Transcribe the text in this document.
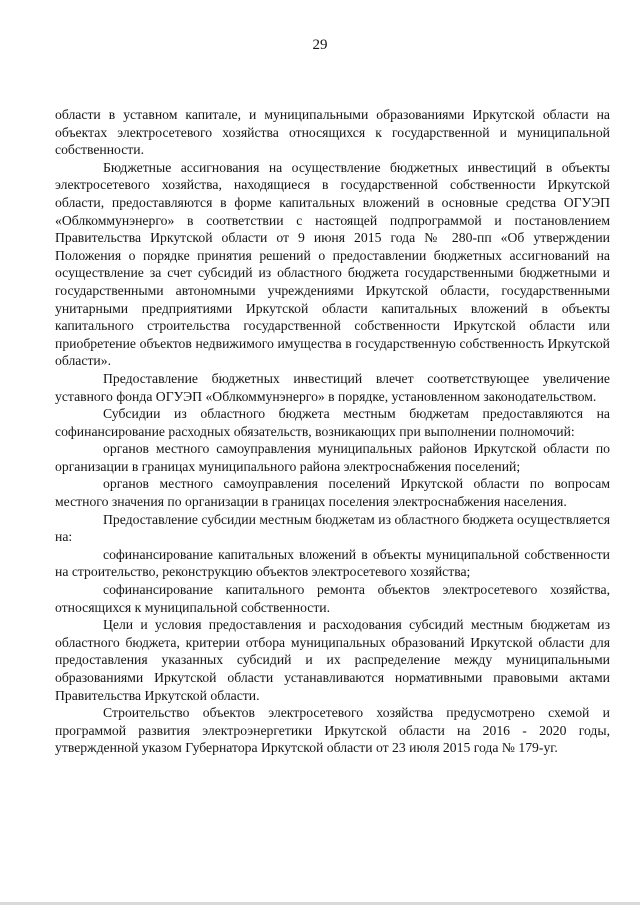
29

области в уставном капитале, и муниципальными образованиями Иркутской области на объектах электросетевого хозяйства относящихся к государственной и муниципальной собственности.

Бюджетные ассигнования на осуществление бюджетных инвестиций в объекты электросетевого хозяйства, находящиеся в государственной собственности Иркутской области, предоставляются в форме капитальных вложений в основные средства ОГУЭП «Облкоммунэнерго» в соответствии с настоящей подпрограммой и постановлением Правительства Иркутской области от 9 июня 2015 года № 280-пп «Об утверждении Положения о порядке принятия решений о предоставлении бюджетных ассигнований на осуществление за счет субсидий из областного бюджета государственными бюджетными и государственными автономными учреждениями Иркутской области, государственными унитарными предприятиями Иркутской области капитальных вложений в объекты капитального строительства государственной собственности Иркутской области или приобретение объектов недвижимого имущества в государственную собственность Иркутской области».

Предоставление бюджетных инвестиций влечет соответствующее увеличение уставного фонда ОГУЭП «Облкоммунэнерго» в порядке, установленном законодательством.

Субсидии из областного бюджета местным бюджетам предоставляются на софинансирование расходных обязательств, возникающих при выполнении полномочий:

органов местного самоуправления муниципальных районов Иркутской области по организации в границах муниципального района электроснабжения поселений;

органов местного самоуправления поселений Иркутской области по вопросам местного значения по организации в границах поселения электроснабжения населения.

Предоставление субсидии местным бюджетам из областного бюджета осуществляется на:

софинансирование капитальных вложений в объекты муниципальной собственности на строительство, реконструкцию объектов электросетевого хозяйства;

софинансирование капитального ремонта объектов электросетевого хозяйства, относящихся к муниципальной собственности.

Цели и условия предоставления и расходования субсидий местным бюджетам из областного бюджета, критерии отбора муниципальных образований Иркутской области для предоставления указанных субсидий и их распределение между муниципальными образованиями Иркутской области устанавливаются нормативными правовыми актами Правительства Иркутской области.

Строительство объектов электросетевого хозяйства предусмотрено схемой и программой развития электроэнергетики Иркутской области на 2016 - 2020 годы, утвержденной указом Губернатора Иркутской области от 23 июля 2015 года № 179-уг.
